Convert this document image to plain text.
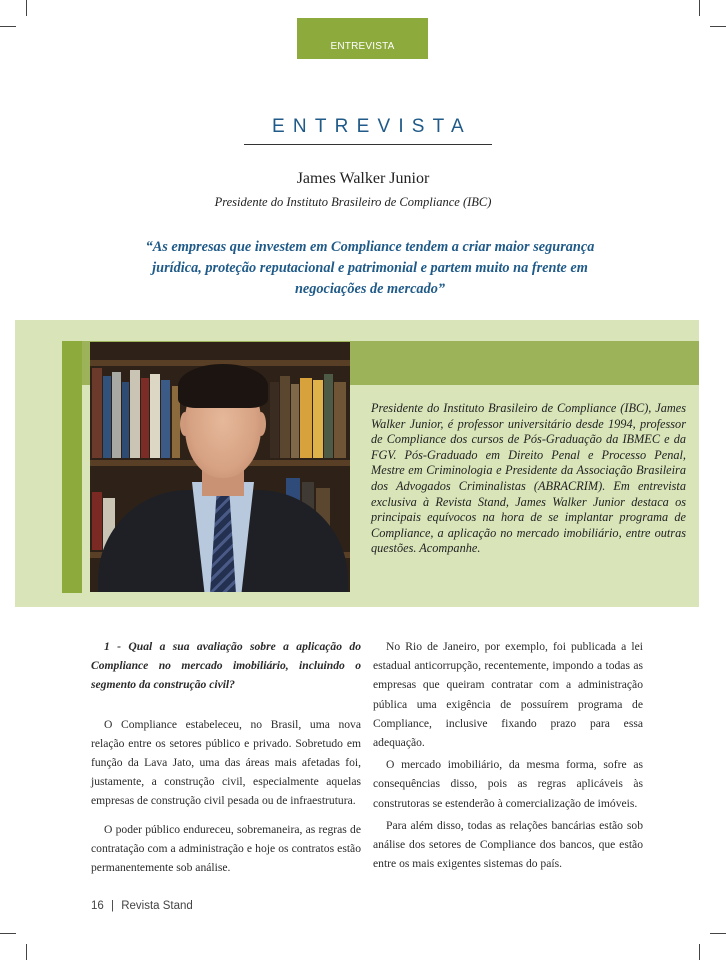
ENTREVISTA
ENTREVISTA
James Walker Junior
Presidente do Instituto Brasileiro de Compliance (IBC)
“As empresas que investem em Compliance tendem a criar maior segurança jurídica, proteção reputacional e patrimonial e partem muito na frente em negociações de mercado”
Presidente do Instituto Brasileiro de Compliance (IBC), James Walker Junior, é professor universitário desde 1994, professor de Compliance dos cursos de Pós-Graduação da IBMEC e da FGV. Pós-Graduado em Direito Penal e Processo Penal, Mestre em Criminologia e Presidente da Associação Brasileira dos Advogados Criminalistas (ABRACRIM). Em entrevista exclusiva à Revista Stand, James Walker Junior destaca os principais equívocos na hora de se implantar programa de Compliance, a aplicação no mercado imobiliário, entre outras questões. Acompanhe.

1 - Qual a sua avaliação sobre a aplicação do Compliance no mercado imobiliário, incluindo o segmento da construção civil?

O Compliance estabeleceu, no Brasil, uma nova relação entre os setores público e privado. Sobretudo em função da Lava Jato, uma das áreas mais afetadas foi, justamente, a construção civil, especialmente aquelas empresas de construção civil pesada ou de infraestrutura.

O poder público endureceu, sobremaneira, as regras de contratação com a administração e hoje os contratos estão permanentemente sob análise.

No Rio de Janeiro, por exemplo, foi publicada a lei estadual anticorrupção, recentemente, impondo a todas as empresas que queiram contratar com a administração pública uma exigência de possuírem programa de Compliance, inclusive fixando prazo para essa adequação.

O mercado imobiliário, da mesma forma, sofre as consequências disso, pois as regras aplicáveis às construtoras se estenderão à comercialização de imóveis.

Para além disso, todas as relações bancárias estão sob análise dos setores de Compliance dos bancos, que estão entre os mais exigentes sistemas do país.

16 | Revista Stand
